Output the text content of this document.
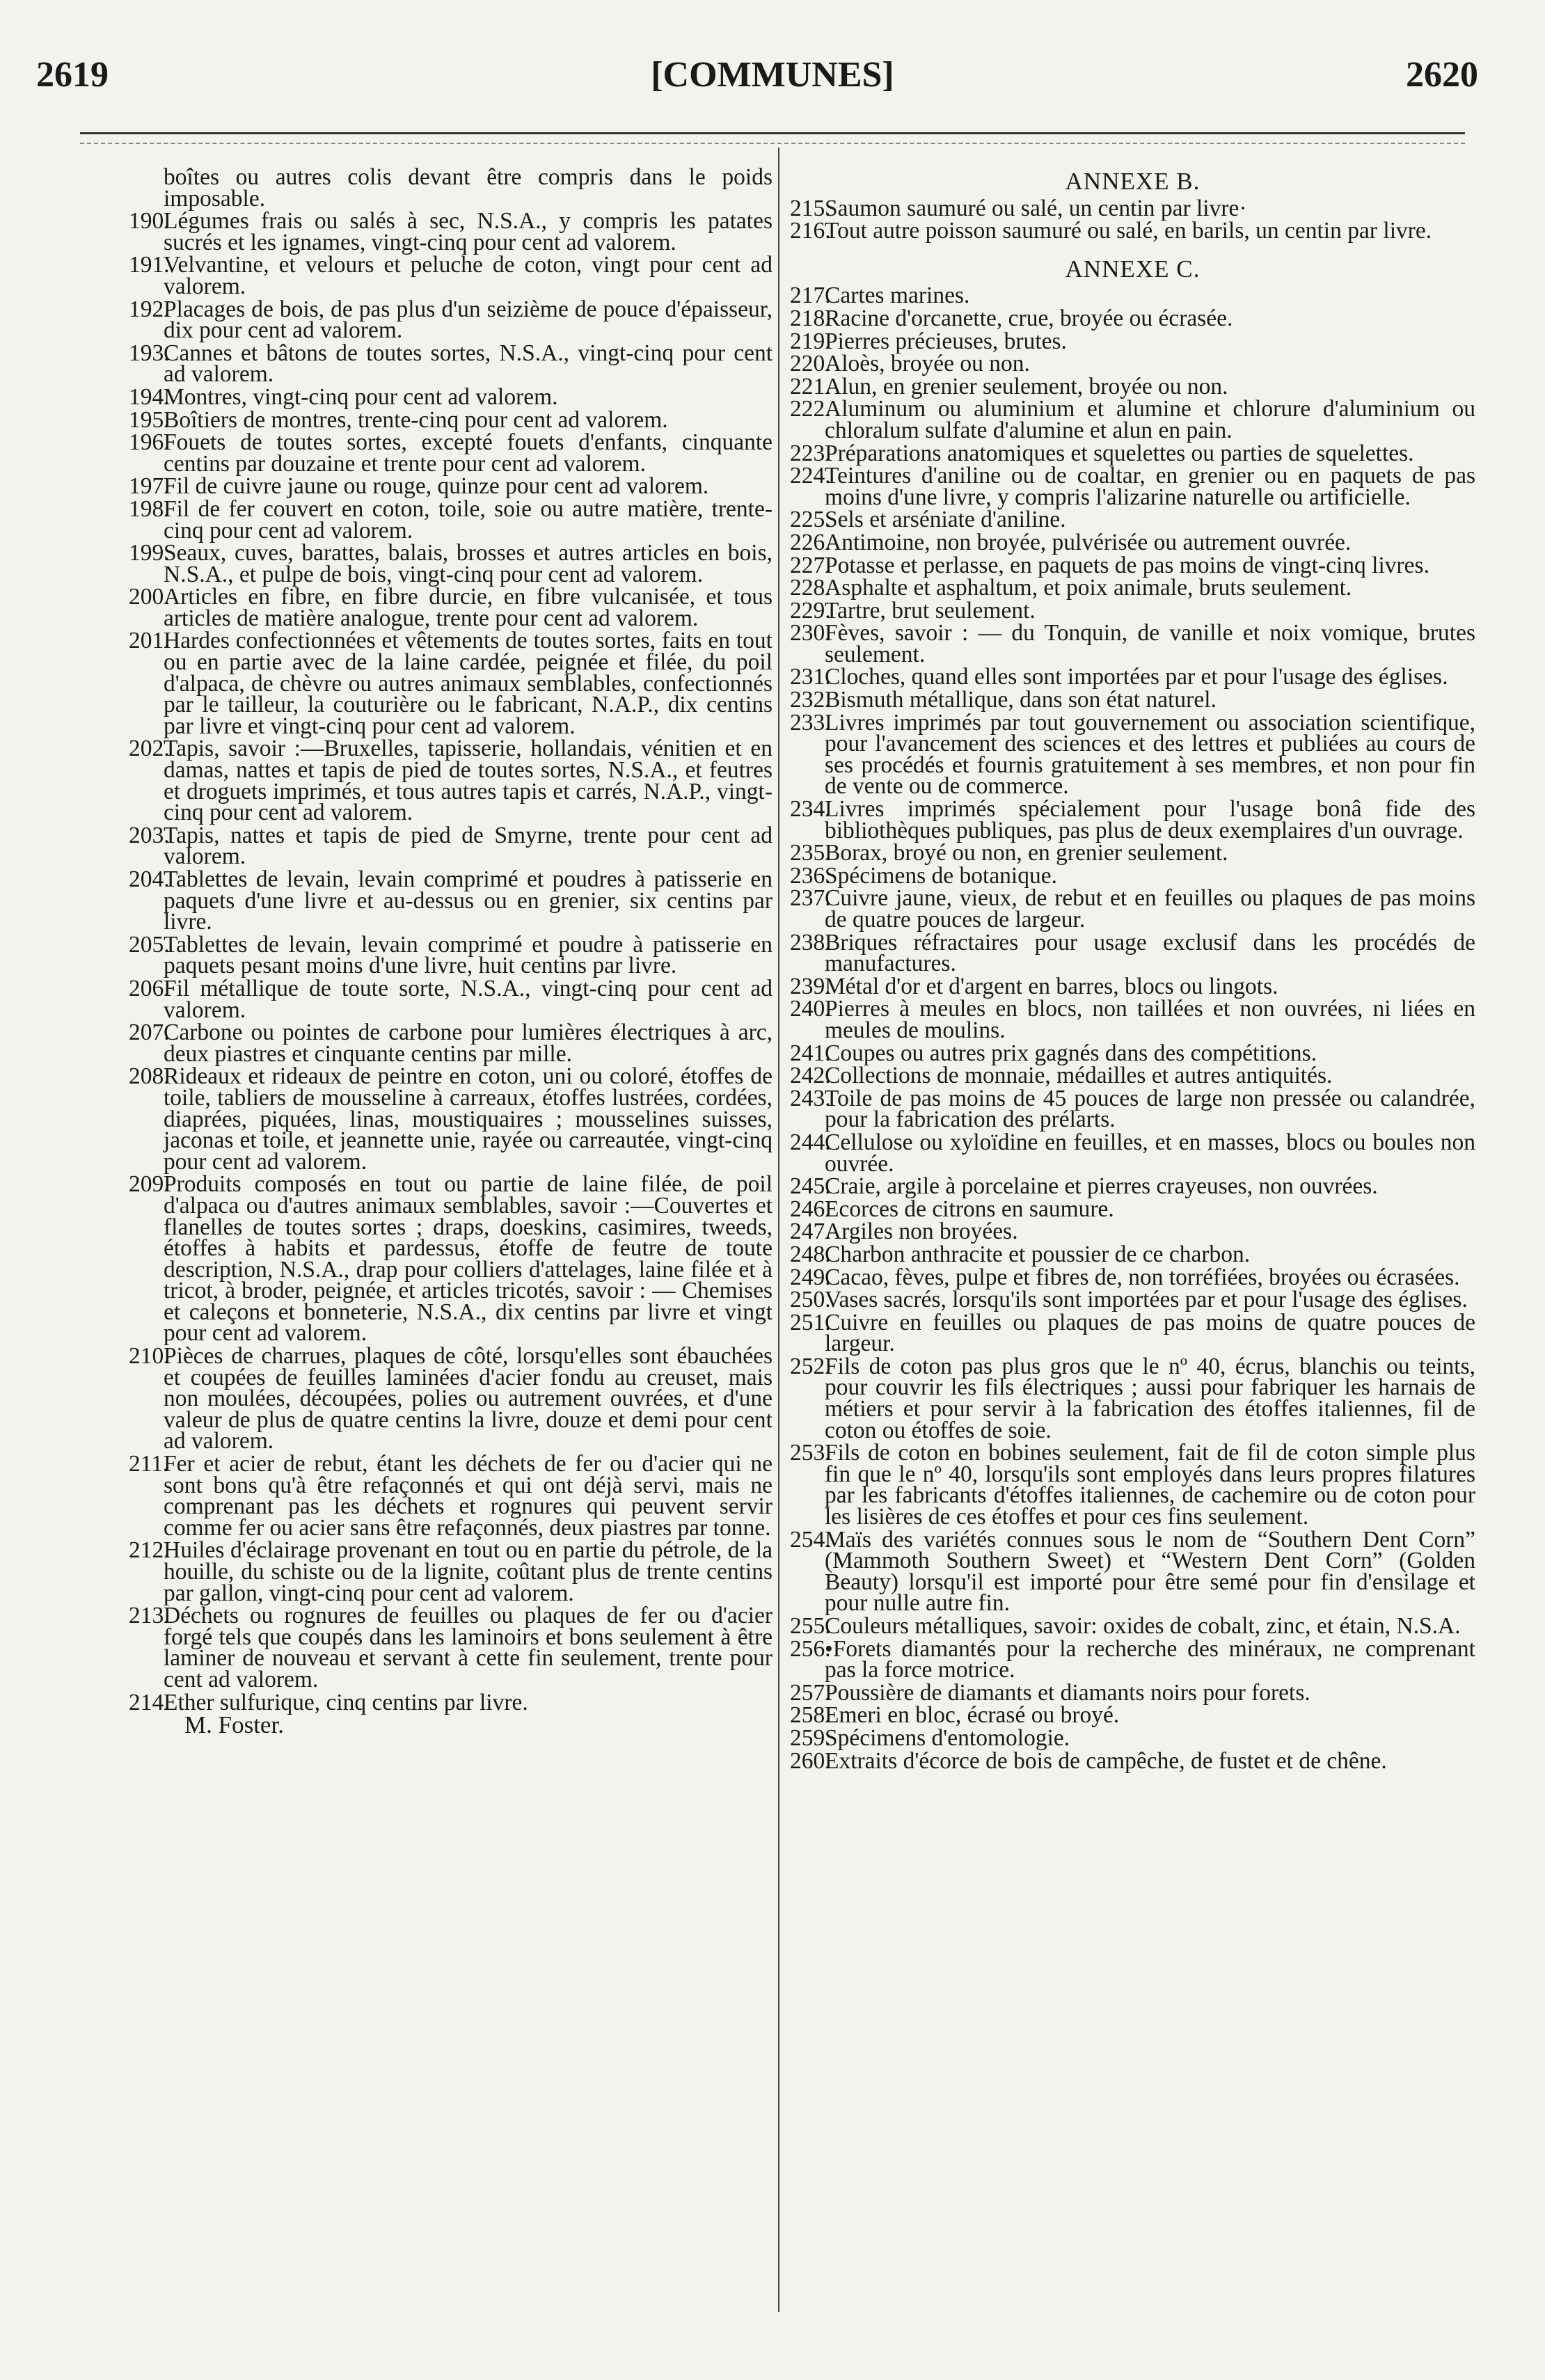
2619	[COMMUNES]	2620

boîtes ou autres colis devant être compris dans le poids imposable.

190.Légumes frais ou salés à sec, N.S.A., y compris les patates sucrés et les ignames, vingt-cinq pour cent ad valorem.

191.Velvantine, et velours et peluche de coton, vingt pour cent ad valorem.

192.Placages de bois, de pas plus d'un seizième de pouce d'épaisseur, dix pour cent ad valorem.

193.Cannes et bâtons de toutes sortes, N.S.A., vingt-cinq pour cent ad valorem.

194.Montres, vingt-cinq pour cent ad valorem.

195.Boîtiers de montres, trente-cinq pour cent ad valorem.

196.Fouets de toutes sortes, excepté fouets d'enfants, cinquante centins par douzaine et trente pour cent ad valorem.

197.Fil de cuivre jaune ou rouge, quinze pour cent ad valorem.

198.Fil de fer couvert en coton, toile, soie ou autre matière, trente-cinq pour cent ad valorem.

199.Seaux, cuves, barattes, balais, brosses et autres articles en bois, N.S.A., et pulpe de bois, vingt-cinq pour cent ad valorem.

200.Articles en fibre, en fibre durcie, en fibre vulcanisée, et tous articles de matière analogue, trente pour cent ad valorem.

201.Hardes confectionnées et vêtements de toutes sortes, faits en tout ou en partie avec de la laine cardée, peignée et filée, du poil d'alpaca, de chèvre ou autres animaux semblables, confectionnés par le tailleur, la couturière ou le fabricant, N.A.P., dix centins par livre et vingt-cinq pour cent ad valorem.

202.Tapis, savoir :—Bruxelles, tapisserie, hollandais, vénitien et en damas, nattes et tapis de pied de toutes sortes, N.S.A., et feutres et droguets imprimés, et tous autres tapis et carrés, N.A.P., vingt-cinq pour cent ad valorem.

203.Tapis, nattes et tapis de pied de Smyrne, trente pour cent ad valorem.

204.Tablettes de levain, levain comprimé et poudres à patisserie en paquets d'une livre et au-dessus ou en grenier, six centins par livre.

205.Tablettes de levain, levain comprimé et poudre à patisserie en paquets pesant moins d'une livre, huit centins par livre.

206.Fil métallique de toute sorte, N.S.A., vingt-cinq pour cent ad valorem.

207.Carbone ou pointes de carbone pour lumières électriques à arc, deux piastres et cinquante centins par mille.

208.Rideaux et rideaux de peintre en coton, uni ou coloré, étoffes de toile, tabliers de mousseline à carreaux, étoffes lustrées, cordées, diaprées, piquées, linas, moustiquaires ; mousselines suisses, jaconas et toile, et jeannette unie, rayée ou carreautée, vingt-cinq pour cent ad valorem.

209.Produits composés en tout ou partie de laine filée, de poil d'alpaca ou d'autres animaux semblables, savoir :—Couvertes et flanelles de toutes sortes ; draps, doeskins, casimires, tweeds, étoffes à habits et pardessus, étoffe de feutre de toute description, N.S.A., drap pour colliers d'attelages, laine filée et à tricot, à broder, peignée, et articles tricotés, savoir : — Chemises et caleçons et bonneterie, N.S.A., dix centins par livre et vingt pour cent ad valorem.

210.Pièces de charrues, plaques de côté, lorsqu'elles sont ébauchées et coupées de feuilles laminées d'acier fondu au creuset, mais non moulées, découpées, polies ou autrement ouvrées, et d'une valeur de plus de quatre centins la livre, douze et demi pour cent ad valorem.

211.Fer et acier de rebut, étant les déchets de fer ou d'acier qui ne sont bons qu'à être refaçonnés et qui ont déjà servi, mais ne comprenant pas les déchets et rognures qui peuvent servir comme fer ou acier sans être refaçonnés, deux piastres par tonne.

212.Huiles d'éclairage provenant en tout ou en partie du pétrole, de la houille, du schiste ou de la lignite, coûtant plus de trente centins par gallon, vingt-cinq pour cent ad valorem.

213.Déchets ou rognures de feuilles ou plaques de fer ou d'acier forgé tels que coupés dans les laminoirs et bons seulement à être laminer de nouveau et servant à cette fin seulement, trente pour cent ad valorem.

214.Ether sulfurique, cinq centins par livre.

M. Foster.
ANNEXE B.

215.Saumon saumuré ou salé, un centin par livre·

216.Tout autre poisson saumuré ou salé, en barils, un centin par livre.

ANNEXE C.

217.Cartes marines.

218.Racine d'orcanette, crue, broyée ou écrasée.

219.Pierres précieuses, brutes.

220.Aloès, broyée ou non.

221.Alun, en grenier seulement, broyée ou non.

222.Aluminum ou aluminium et alumine et chlorure d'aluminium ou chloralum sulfate d'alumine et alun en pain.

223.Préparations anatomiques et squelettes ou parties de squelettes.

224.Teintures d'aniline ou de coaltar, en grenier ou en paquets de pas moins d'une livre, y compris l'alizarine naturelle ou artificielle.

225.Sels et arséniate d'aniline.

226.Antimoine, non broyée, pulvérisée ou autrement ouvrée.

227.Potasse et perlasse, en paquets de pas moins de vingt-cinq livres.

228.Asphalte et asphaltum, et poix animale, bruts seulement.

229.Tartre, brut seulement.

230.Fèves, savoir : — du Tonquin, de vanille et noix vomique, brutes seulement.

231.Cloches, quand elles sont importées par et pour l'usage des églises.

232.Bismuth métallique, dans son état naturel.

233.Livres imprimés par tout gouvernement ou association scientifique, pour l'avancement des sciences et des lettres et publiées au cours de ses procédés et fournis gratuitement à ses membres, et non pour fin de vente ou de commerce.

234.Livres imprimés spécialement pour l'usage bonâ fide des bibliothèques publiques, pas plus de deux exemplaires d'un ouvrage.

235.Borax, broyé ou non, en grenier seulement.

236.Spécimens de botanique.

237.Cuivre jaune, vieux, de rebut et en feuilles ou plaques de pas moins de quatre pouces de largeur.

238.Briques réfractaires pour usage exclusif dans les procédés de manufactures.

239.Métal d'or et d'argent en barres, blocs ou lingots.

240.Pierres à meules en blocs, non taillées et non ouvrées, ni liées en meules de moulins.

241.Coupes ou autres prix gagnés dans des compétitions.

242.Collections de monnaie, médailles et autres antiquités.

243.Toile de pas moins de 45 pouces de large non pressée ou calandrée, pour la fabrication des prélarts.

244.Cellulose ou xyloïdine en feuilles, et en masses, blocs ou boules non ouvrée.

245.Craie, argile à porcelaine et pierres crayeuses, non ouvrées.

246.Ecorces de citrons en saumure.

247.Argiles non broyées.

248.Charbon anthracite et poussier de ce charbon.

249.Cacao, fèves, pulpe et fibres de, non torréfiées, broyées ou écrasées.

250.Vases sacrés, lorsqu'ils sont importées par et pour l'usage des églises.

251.Cuivre en feuilles ou plaques de pas moins de quatre pouces de largeur.

252.Fils de coton pas plus gros que le nº 40, écrus, blanchis ou teints, pour couvrir les fils électriques ; aussi pour fabriquer les harnais de métiers et pour servir à la fabrication des étoffes italiennes, fil de coton ou étoffes de soie.

253.Fils de coton en bobines seulement, fait de fil de coton simple plus fin que le nº 40, lorsqu'ils sont employés dans leurs propres filatures par les fabricants d'étoffes italiennes, de cachemire ou de coton pour les lisières de ces étoffes et pour ces fins seulement.

254.Maïs des variétés connues sous le nom de “Southern Dent Corn” (Mammoth Southern Sweet) et “Western Dent Corn” (Golden Beauty) lorsqu'il est importé pour être semé pour fin d'ensilage et pour nulle autre fin.

255.Couleurs métalliques, savoir: oxides de cobalt, zinc, et étain, N.S.A.

256.•Forets diamantés pour la recherche des minéraux, ne comprenant pas la force motrice.

257.Poussière de diamants et diamants noirs pour forets.

258.Emeri en bloc, écrasé ou broyé.

259.Spécimens d'entomologie.

260.Extraits d'écorce de bois de campêche, de fustet et de chêne.
